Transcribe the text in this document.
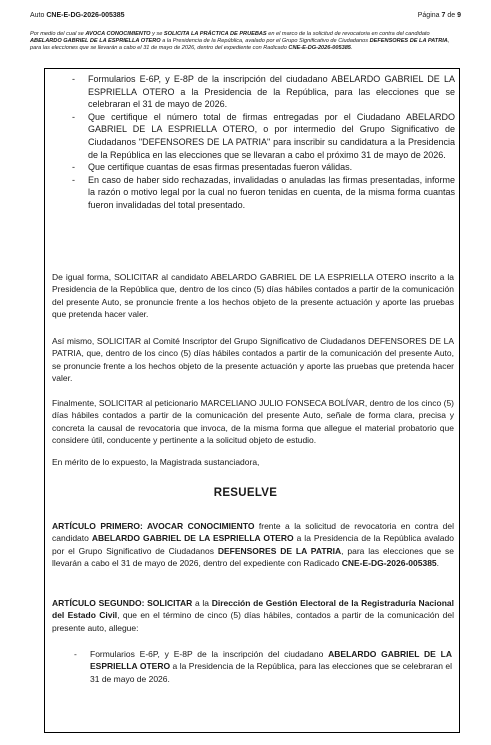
Auto CNE-E-DG-2026-005385	Página 7 de 9
Por medio del cual se AVOCA CONOCIMIENTO y se SOLICITA LA PRÁCTICA DE PRUEBAS en el marco de la solicitud de revocatoria en contra del candidato ABELARDO GABRIEL DE LA ESPRIELLA OTERO a la Presidencia de la República, avalado por el Grupo Significativo de Ciudadanos DEFENSORES DE LA PATRIA, para las elecciones que se llevarán a cabo el 31 de mayo de 2026, dentro del expediente con Radicado CNE-E-DG-2026-005385.

- Formularios E-6P, y E-8P de la inscripción del ciudadano ABELARDO GABRIEL DE LA ESPRIELLA OTERO a la Presidencia de la República, para las elecciones que se celebraran el 31 de mayo de 2026.

- Que certifique el número total de firmas entregadas por el Ciudadano ABELARDO GABRIEL DE LA ESPRIELLA OTERO, o por intermedio del Grupo Significativo de Ciudadanos "DEFENSORES DE LA PATRIA" para inscribir su candidatura a la Presidencia de la República en las elecciones que se llevaran a cabo el próximo 31 de mayo de 2026.

- Que certifique cuantas de esas firmas presentadas fueron válidas.

- En caso de haber sido rechazadas, invalidadas o anuladas las firmas presentadas, informe la razón o motivo legal por la cual no fueron tenidas en cuenta, de la misma forma cuantas fueron invalidadas del total presentado.

De igual forma, SOLICITAR al candidato ABELARDO GABRIEL DE LA ESPRIELLA OTERO inscrito a la Presidencia de la República que, dentro de los cinco (5) días hábiles contados a partir de la comunicación del presente Auto, se pronuncie frente a los hechos objeto de la presente actuación y aporte las pruebas que pretenda hacer valer.

Así mismo, SOLICITAR al Comité Inscriptor del Grupo Significativo de Ciudadanos DEFENSORES DE LA PATRIA, que, dentro de los cinco (5) días hábiles contados a partir de la comunicación del presente Auto, se pronuncie frente a los hechos objeto de la presente actuación y aporte las pruebas que pretenda hacer valer.

Finalmente, SOLICITAR al peticionario MARCELIANO JULIO FONSECA BOLÍVAR, dentro de los cinco (5) días hábiles contados a partir de la comunicación del presente Auto, señale de forma clara, precisa y concreta la causal de revocatoria que invoca, de la misma forma que allegue el material probatorio que considere útil, conducente y pertinente a la solicitud objeto de estudio.

En mérito de lo expuesto, la Magistrada sustanciadora,

RESUELVE

ARTÍCULO PRIMERO: AVOCAR CONOCIMIENTO frente a la solicitud de revocatoria en contra del candidato ABELARDO GABRIEL DE LA ESPRIELLA OTERO a la Presidencia de la República avalado por el Grupo Significativo de Ciudadanos DEFENSORES DE LA PATRIA, para las elecciones que se llevarán a cabo el 31 de mayo de 2026, dentro del expediente con Radicado CNE-E-DG-2026-005385.

ARTÍCULO SEGUNDO: SOLICITAR a la Dirección de Gestión Electoral de la Registraduría Nacional del Estado Civil, que en el término de cinco (5) días hábiles, contados a partir de la comunicación del presente auto, allegue:

- Formularios E-6P, y E-8P de la inscripción del ciudadano ABELARDO GABRIEL DE LA ESPRIELLA OTERO a la Presidencia de la República, para las elecciones que se celebraran el 31 de mayo de 2026.
